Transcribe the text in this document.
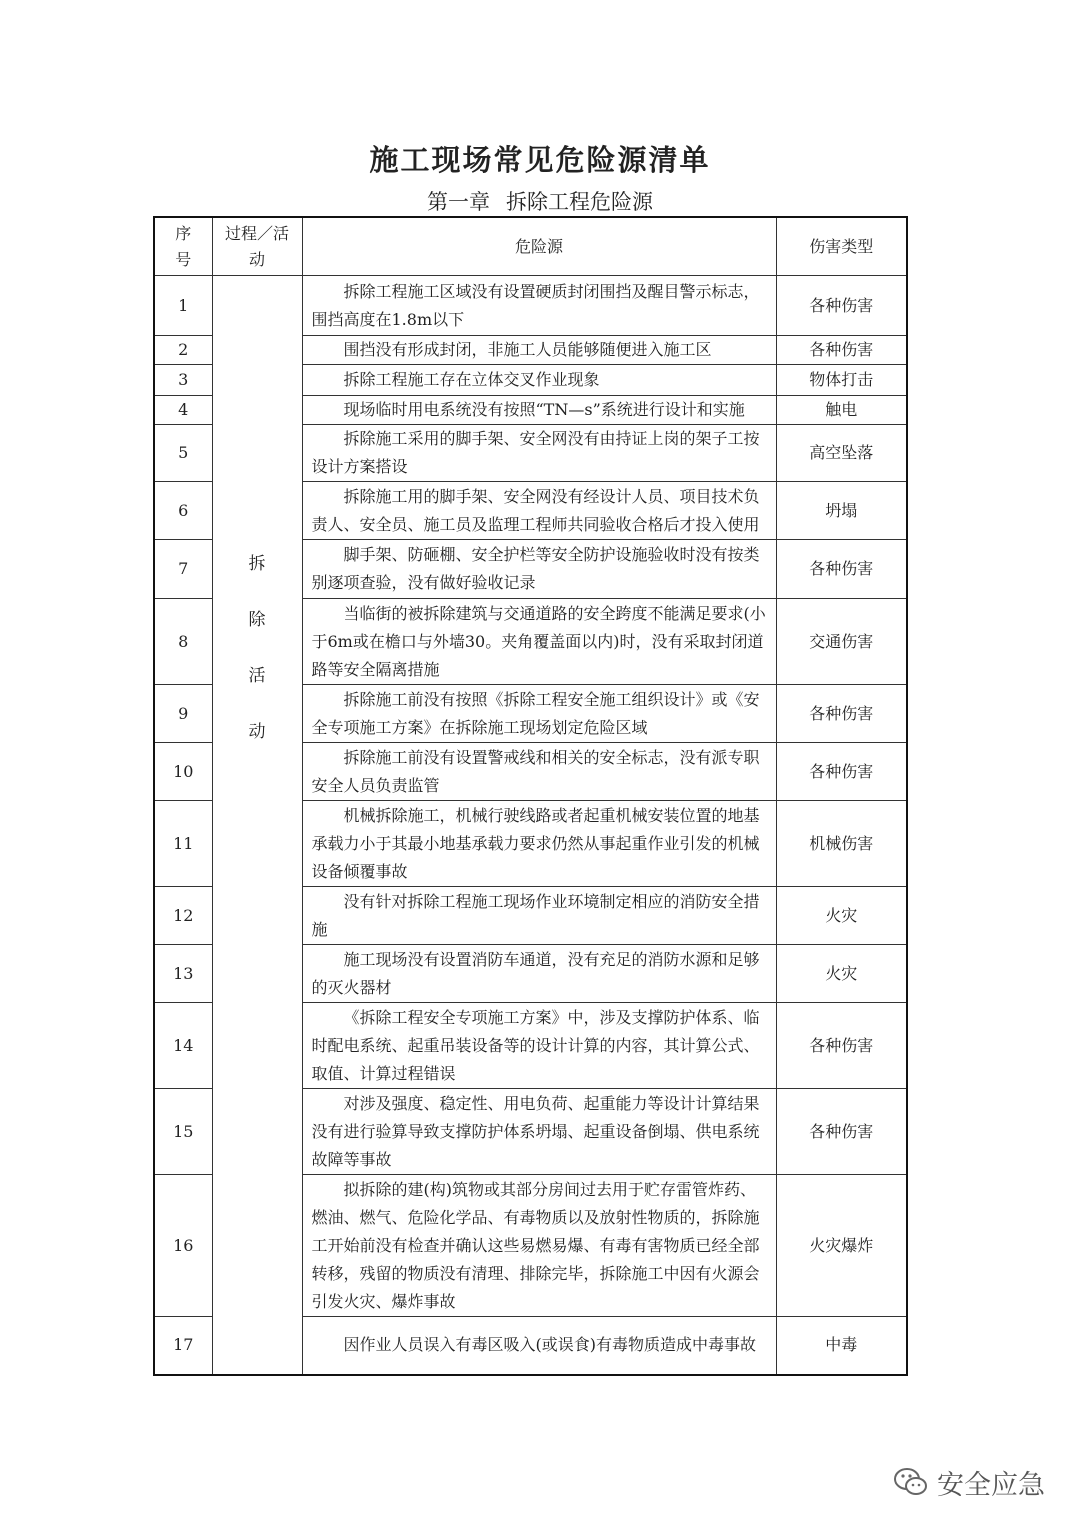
施工现场常见危险源清单
第一章 拆除工程危险源
序号	过程／活动	危险源	伤害类型
1	拆除活动	拆除工程施工区域没有设置硬质封闭围挡及醒目警示标志，围挡高度在1.8m以下	各种伤害
2		围挡没有形成封闭，非施工人员能够随便进入施工区	各种伤害
3		拆除工程施工存在立体交叉作业现象	物体打击
4		现场临时用电系统没有按照“TN—s”系统进行设计和实施	触电
5		拆除施工采用的脚手架、安全网没有由持证上岗的架子工按设计方案搭设	高空坠落
6		拆除施工用的脚手架、安全网没有经设计人员、项目技术负责人、安全员、施工员及监理工程师共同验收合格后才投入使用	坍塌
7		脚手架、防砸棚、安全护栏等安全防护设施验收时没有按类别逐项查验，没有做好验收记录	各种伤害
8		当临街的被拆除建筑与交通道路的安全跨度不能满足要求(小于6m或在檐口与外墙30。夹角覆盖面以内)时，没有采取封闭道路等安全隔离措施	交通伤害
9		拆除施工前没有按照《拆除工程安全施工组织设计》或《安全专项施工方案》在拆除施工现场划定危险区域	各种伤害
10		拆除施工前没有设置警戒线和相关的安全标志，没有派专职安全人员负责监管	各种伤害
11		机械拆除施工，机械行驶线路或者起重机械安装位置的地基承载力小于其最小地基承载力要求仍然从事起重作业引发的机械设备倾覆事故	机械伤害
12		没有针对拆除工程施工现场作业环境制定相应的消防安全措施	火灾
13		施工现场没有设置消防车通道，没有充足的消防水源和足够的灭火器材	火灾
14		《拆除工程安全专项施工方案》中，涉及支撑防护体系、临时配电系统、起重吊装设备等的设计计算的内容，其计算公式、取值、计算过程错误	各种伤害
15		对涉及强度、稳定性、用电负荷、起重能力等设计计算结果没有进行验算导致支撑防护体系坍塌、起重设备倒塌、供电系统故障等事故	各种伤害
16		拟拆除的建(构)筑物或其部分房间过去用于贮存雷管炸药、燃油、燃气、危险化学品、有毒物质以及放射性物质的，拆除施工开始前没有检查并确认这些易燃易爆、有毒有害物质已经全部转移，残留的物质没有清理、排除完毕，拆除施工中因有火源会引发火灾、爆炸事故	火灾爆炸
17		因作业人员误入有毒区吸入(或误食)有毒物质造成中毒事故	中毒
安全应急
